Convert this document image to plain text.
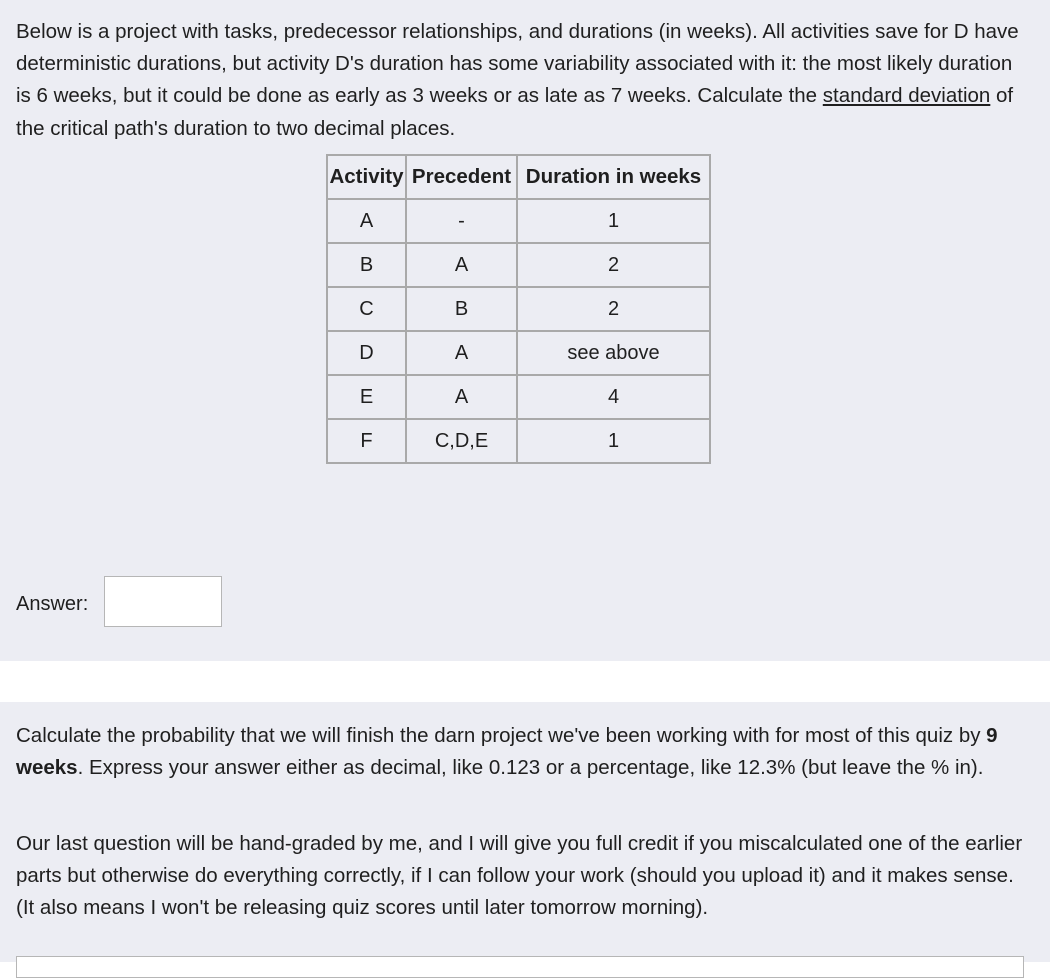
Below is a project with tasks, predecessor relationships, and durations (in weeks). All activities save for D have deterministic durations, but activity D's duration has some variability associated with it: the most likely duration is 6 weeks, but it could be done as early as 3 weeks or as late as 7 weeks. Calculate the standard deviation of the critical path's duration to two decimal places.

Activity	Precedent	Duration in weeks
A	-	1
B	A	2
C	B	2
D	A	see above
E	A	4
F	C,D,E	1
Answer:

Calculate the probability that we will finish the darn project we've been working with for most of this quiz by 9 weeks. Express your answer either as decimal, like 0.123 or a percentage, like 12.3% (but leave the % in).

Our last question will be hand-graded by me, and I will give you full credit if you miscalculated one of the earlier parts but otherwise do everything correctly, if I can follow your work (should you upload it) and it makes sense. (It also means I won't be releasing quiz scores until later tomorrow morning).
